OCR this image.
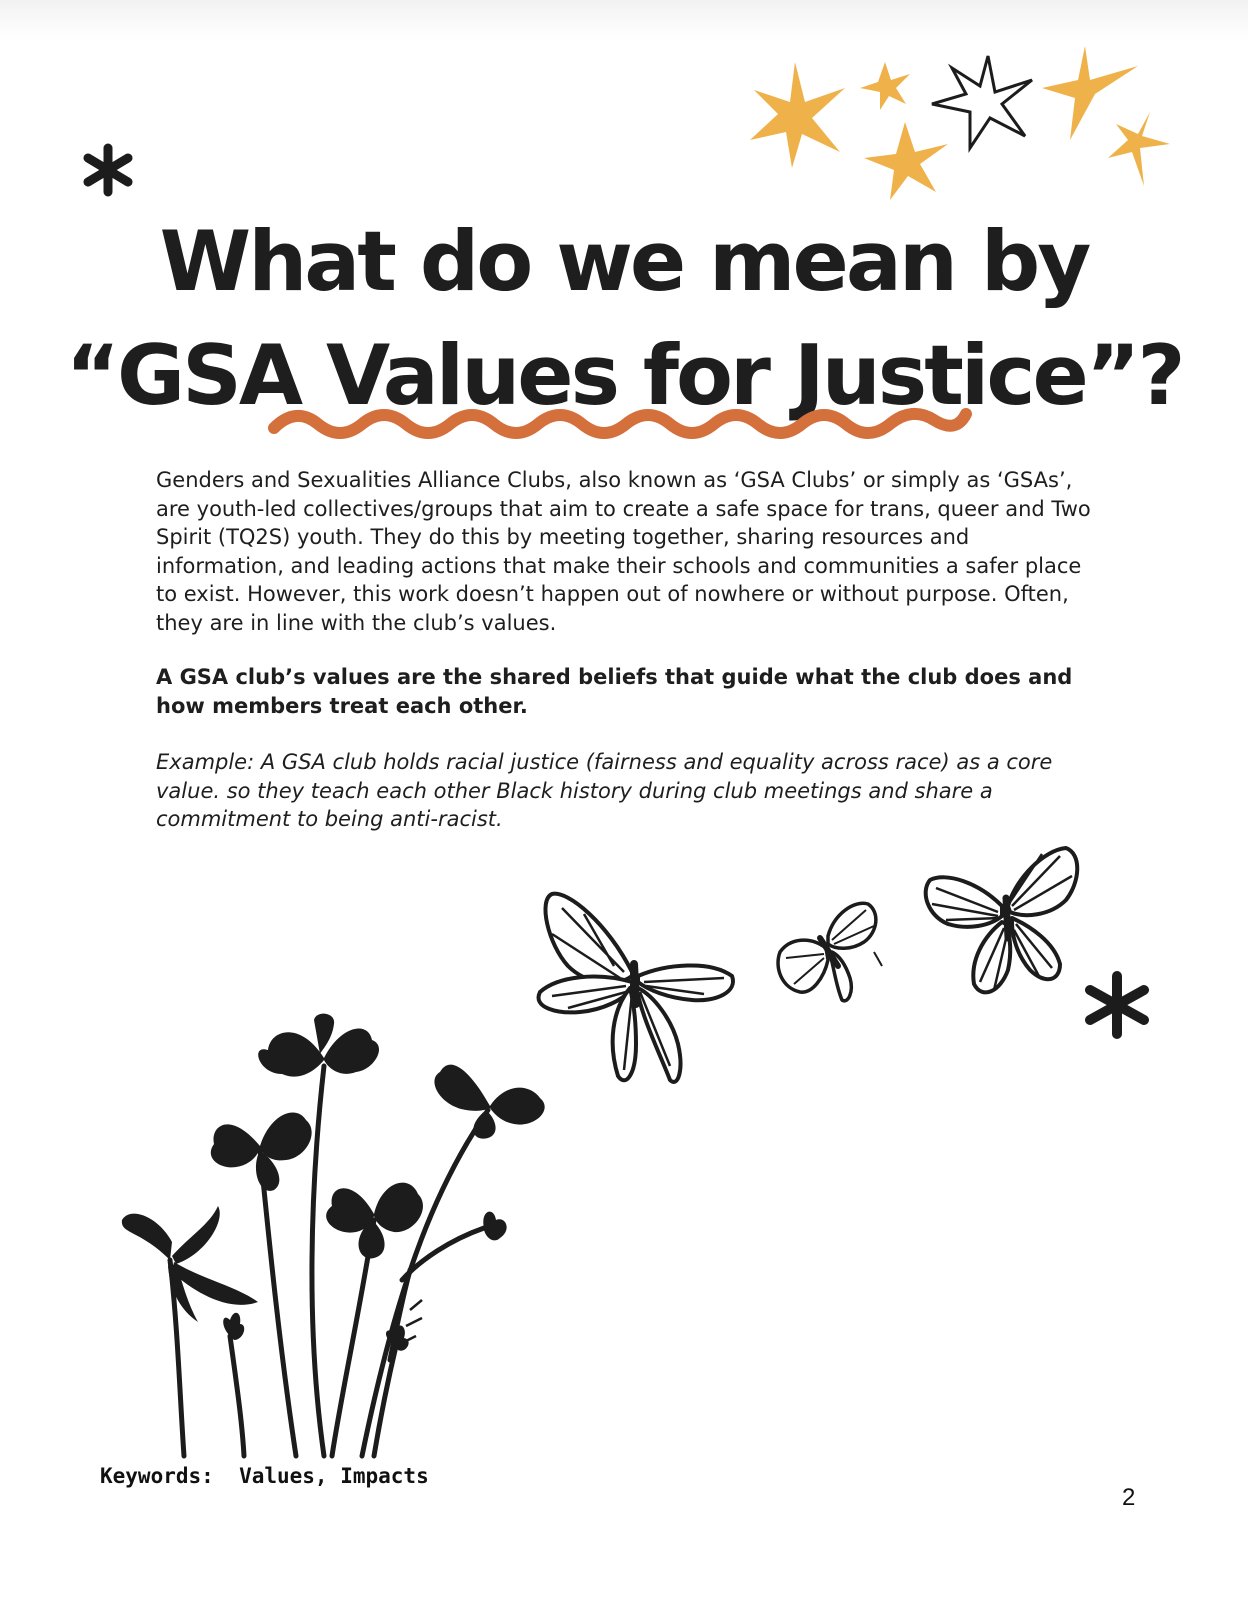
What do we mean by
“GSA Values for Justice”?

Genders and Sexualities Alliance Clubs, also known as ‘GSA Clubs’ or simply as ‘GSAs’, are youth-led collectives/groups that aim to create a safe space for trans, queer and Two Spirit (TQ2S) youth. They do this by meeting together, sharing resources and information, and leading actions that make their schools and communities a safer place to exist. However, this work doesn’t happen out of nowhere or without purpose. Often, they are in line with the club’s values.

A GSA club’s values are the shared beliefs that guide what the club does and how members treat each other.

Example: A GSA club holds racial justice (fairness and equality across race) as a core value. so they teach each other Black history during club meetings and share a commitment to being anti-racist.

Keywords:  Values, Impacts
2
